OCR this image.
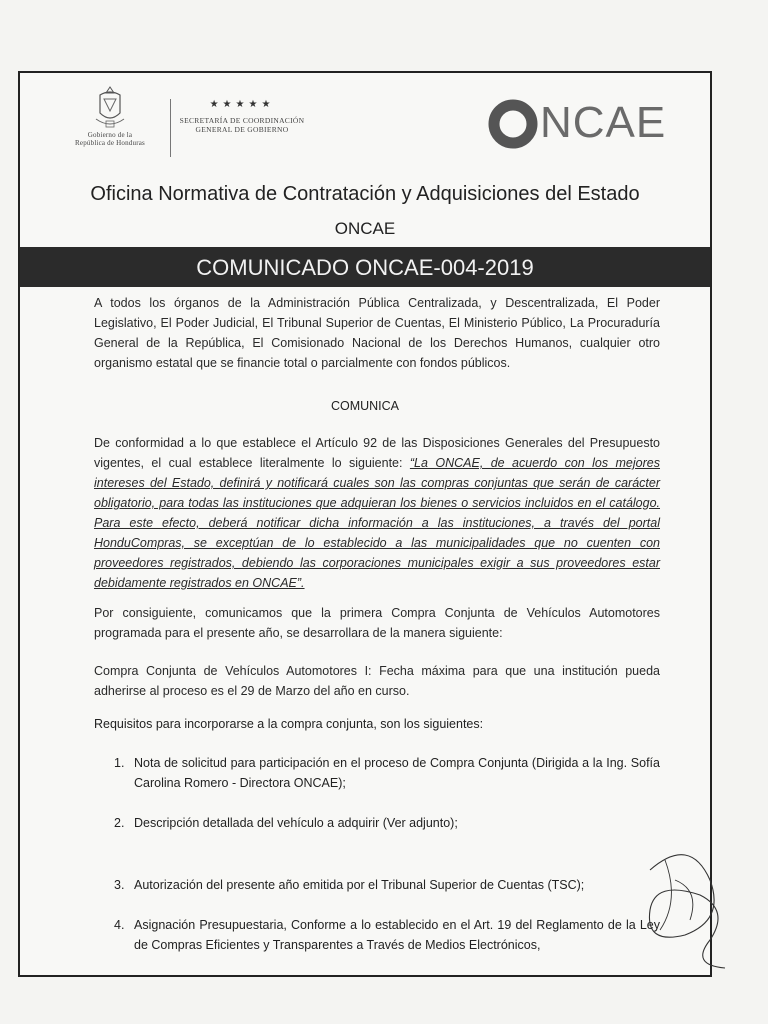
Gobierno de la
República de Honduras
★★★★★
SECRETARÍA DE COORDINACIÓN
GENERAL DE GOBIERNO	NCAE
Oficina Normativa de Contratación y Adquisiciones del Estado
ONCAE
COMUNICADO ONCAE-004-2019
A todos los órganos de la Administración Pública Centralizada, y Descentralizada, El Poder Legislativo, El Poder Judicial, El Tribunal Superior de Cuentas, El Ministerio Público, La Procuraduría General de la República, El Comisionado Nacional de los Derechos Humanos, cualquier otro organismo estatal que se financie total o parcialmente con fondos públicos.
COMUNICA
De conformidad a lo que establece el Artículo 92 de las Disposiciones Generales del Presupuesto vigentes, el cual establece literalmente lo siguiente: “La ONCAE, de acuerdo con los mejores intereses del Estado, definirá y notificará cuales son las compras conjuntas que serán de carácter obligatorio, para todas las instituciones que adquieran los bienes o servicios incluidos en el catálogo. Para este efecto, deberá notificar dicha información a las instituciones, a través del portal HonduCompras, se exceptúan de lo establecido a las municipalidades que no cuenten con proveedores registrados, debiendo las corporaciones municipales exigir a sus proveedores estar debidamente registrados en ONCAE”.
Por consiguiente, comunicamos que la primera Compra Conjunta de Vehículos Automotores programada para el presente año, se desarrollara de la manera siguiente:
Compra Conjunta de Vehículos Automotores I: Fecha máxima para que una institución pueda adherirse al proceso es el 29 de Marzo del año en curso.
Requisitos para incorporarse a la compra conjunta, son los siguientes:
1. Nota de solicitud para participación en el proceso de Compra Conjunta (Dirigida a la Ing. Sofía Carolina Romero - Directora ONCAE);
2. Descripción detallada del vehículo a adquirir (Ver adjunto);
3. Autorización del presente año emitida por el Tribunal Superior de Cuentas (TSC);
4. Asignación Presupuestaria, Conforme a lo establecido en el Art. 19 del Reglamento de la Ley de Compras Eficientes y Transparentes a Través de Medios Electrónicos,
